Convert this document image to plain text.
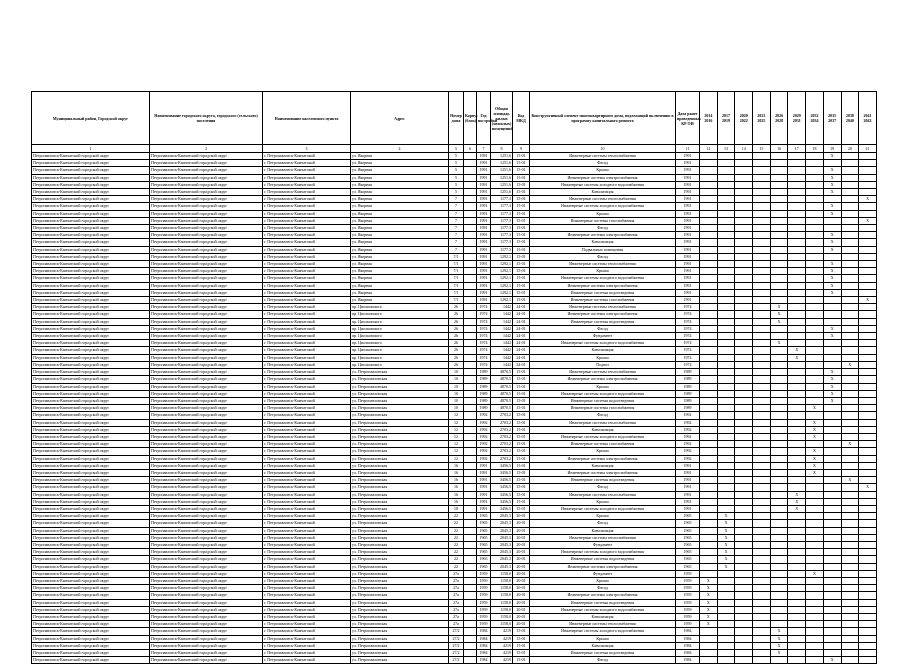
Муниципальный район, Городской округ	Наименование городского округа, городского (сельского) поселения	Наименование населенного пункта	Адрес	Номер дома	Корпус (блок)	Год постройки	Общая площадь жилых (нежилых) помещений	Код МКД	Конструктивный элемент многоквартирного дома, подлежащий включению в программу капитального ремонта	Дата ранее проведенных КР ОИ	2014 2016	2017 2019	2020 2022	2023 2025	2026 2028	2029 2031	2032 2034	2035 2037	2038 2040	2041 2043
1	2	3	4	5	6	7	8	9	10	11	12	13	14	15	16	17	18	19	20	21
Петропавловск-Камчатский городской округ	Петропавловск-Камчатский городской округ	г. Петропавловск-Камчатский	ул. Якорная	5		1991	1251,6	15-01	Инженерные системы теплоснабжения	1991								X		
Петропавловск-Камчатский городской округ	Петропавловск-Камчатский городской округ	г. Петропавловск-Камчатский	ул. Якорная	5		1991	1251,6	15-01	Фасад	1991										
Петропавловск-Камчатский городской округ	Петропавловск-Камчатский городской округ	г. Петропавловск-Камчатский	ул. Якорная	5		1991	1251,6	15-01	Крыша	1991								X		
Петропавловск-Камчатский городской округ	Петропавловск-Камчатский городской округ	г. Петропавловск-Камчатский	ул. Якорная	5		1991	1251,6	15-01	Инженерные системы электроснабжения	1991								X		
Петропавловск-Камчатский городской округ	Петропавловск-Камчатский городской округ	г. Петропавловск-Камчатский	ул. Якорная	5		1991	1251,6	15-01	Инженерные системы холодного водоснабжения	1991								X		
Петропавловск-Камчатский городской округ	Петропавловск-Камчатский городской округ	г. Петропавловск-Камчатский	ул. Якорная	5		1991	1251,6	15-01	Канализация	1991								X		
Петропавловск-Камчатский городской округ	Петропавловск-Камчатский городской округ	г. Петропавловск-Камчатский	ул. Якорная	7		1991	1177,3	15-01	Инженерные системы теплоснабжения	1991										X
Петропавловск-Камчатский городской округ	Петропавловск-Камчатский городской округ	г. Петропавловск-Камчатский	ул. Якорная	7		1991	1177,3	15-01	Инженерные системы холодного водоснабжения	1991								X		
Петропавловск-Камчатский городской округ	Петропавловск-Камчатский городской округ	г. Петропавловск-Камчатский	ул. Якорная	7		1991	1177,3	15-01	Крыша	1991								X		
Петропавловск-Камчатский городской округ	Петропавловск-Камчатский городской округ	г. Петропавловск-Камчатский	ул. Якорная	7		1991	1177,3	15-01	Инженерные системы газоснабжения	1991										X
Петропавловск-Камчатский городской округ	Петропавловск-Камчатский городской округ	г. Петропавловск-Камчатский	ул. Якорная	7		1991	1177,3	15-01	Фасад	1991										
Петропавловск-Камчатский городской округ	Петропавловск-Камчатский городской округ	г. Петропавловск-Камчатский	ул. Якорная	7		1991	1177,3	15-01	Инженерные системы электроснабжения	1991								X		
Петропавловск-Камчатский городской округ	Петропавловск-Камчатский городской округ	г. Петропавловск-Камчатский	ул. Якорная	7		1991	1177,3	15-01	Канализация	1991								X		
Петропавловск-Камчатский городской округ	Петропавловск-Камчатский городской округ	г. Петропавловск-Камчатский	ул. Якорная	7		1991	1177,3	15-01	Подвальные помещения	1991								X		
Петропавловск-Камчатский городской округ	Петропавловск-Камчатский городской округ	г. Петропавловск-Камчатский	ул. Якорная	7/1		1991	1292,1	15-01	Фасад	1991										
Петропавловск-Камчатский городской округ	Петропавловск-Камчатский городской округ	г. Петропавловск-Камчатский	ул. Якорная	7/1		1991	1292,1	15-01	Инженерные системы теплоснабжения	1991								X		
Петропавловск-Камчатский городской округ	Петропавловск-Камчатский городской округ	г. Петропавловск-Камчатский	ул. Якорная	7/1		1991	1292,1	15-01	Крыша	1991								X		
Петропавловск-Камчатский городской округ	Петропавловск-Камчатский городской округ	г. Петропавловск-Камчатский	ул. Якорная	7/1		1991	1292,1	15-01	Инженерные системы холодного водоснабжения	1991								X		
Петропавловск-Камчатский городской округ	Петропавловск-Камчатский городской округ	г. Петропавловск-Камчатский	ул. Якорная	7/1		1991	1292,1	15-01	Инженерные системы электроснабжения	1991								X		
Петропавловск-Камчатский городской округ	Петропавловск-Камчатский городской округ	г. Петропавловск-Камчатский	ул. Якорная	7/1		1991	1292,1	15-01	Инженерные системы водоотведения	1991								X		
Петропавловск-Камчатский городской округ	Петропавловск-Камчатский городской округ	г. Петропавловск-Камчатский	ул. Якорная	7/1		1991	1292,1	15-01	Инженерные системы газоснабжения	1991										X
Петропавловск-Камчатский городской округ	Петропавловск-Камчатский городской округ	г. Петропавловск-Камчатский	пр. Циолковского	26		1974	1442	24-01	Инженерные системы теплоснабжения	1974					X					
Петропавловск-Камчатский городской округ	Петропавловск-Камчатский городской округ	г. Петропавловск-Камчатский	пр. Циолковского	26		1974	1442	24-01	Инженерные системы электроснабжения	1974					X					
Петропавловск-Камчатский городской округ	Петропавловск-Камчатский городской округ	г. Петропавловск-Камчатский	пр. Циолковского	26		1974	1442	24-01	Инженерные системы водоотведения	1974					X					
Петропавловск-Камчатский городской округ	Петропавловск-Камчатский городской округ	г. Петропавловск-Камчатский	пр. Циолковского	26		1974	1442	24-01	Фасад	1974								X		
Петропавловск-Камчатский городской округ	Петропавловск-Камчатский городской округ	г. Петропавловск-Камчатский	пр. Циолковского	26		1974	1442	24-01	Фундамент	1974								X		
Петропавловск-Камчатский городской округ	Петропавловск-Камчатский городской округ	г. Петропавловск-Камчатский	пр. Циолковского	26		1974	1442	24-01	Инженерные системы холодного водоснабжения	1974					X					
Петропавловск-Камчатский городской округ	Петропавловск-Камчатский городской округ	г. Петропавловск-Камчатский	пр. Циолковского	26		1974	1442	24-01	Канализация	1974						X				
Петропавловск-Камчатский городской округ	Петропавловск-Камчатский городской округ	г. Петропавловск-Камчатский	пр. Циолковского	26		1974	1442	24-01	Крыша	1974						X				
Петропавловск-Камчатский городской округ	Петропавловск-Камчатский городской округ	г. Петропавловск-Камчатский	пр. Циолковского	26		1974	1442	24-01	Подвал	1974									X	
Петропавловск-Камчатский городской округ	Петропавловск-Камчатский городской округ	г. Петропавловск-Камчатский	ул. Петропавловская	10		1989	4870,5	15-01	Инженерные системы теплоснабжения	1989								X		
Петропавловск-Камчатский городской округ	Петропавловск-Камчатский городской округ	г. Петропавловск-Камчатский	ул. Петропавловская	10		1989	4870,5	15-01	Инженерные системы электроснабжения	1989								X		
Петропавловск-Камчатский городской округ	Петропавловск-Камчатский городской округ	г. Петропавловск-Камчатский	ул. Петропавловская	10		1989	4870,5	15-01	Крыша	1989								X		
Петропавловск-Камчатский городской округ	Петропавловск-Камчатский городской округ	г. Петропавловск-Камчатский	ул. Петропавловская	10		1989	4870,5	15-01	Инженерные системы холодного водоснабжения	1989								X		
Петропавловск-Камчатский городской округ	Петропавловск-Камчатский городской округ	г. Петропавловск-Камчатский	ул. Петропавловская	10		1989	4870,5	15-01	Инженерные системы водоотведения	1989								X		
Петропавловск-Камчатский городской округ	Петропавловск-Камчатский городской округ	г. Петропавловск-Камчатский	ул. Петропавловская	10		1989	4870,5	15-01	Инженерные системы газоснабжения	1989							X			
Петропавловск-Камчатский городской округ	Петропавловск-Камчатский городской округ	г. Петропавловск-Камчатский	ул. Петропавловская	12		1992	2703,2	15-01	Фасад	1992										
Петропавловск-Камчатский городской округ	Петропавловск-Камчатский городской округ	г. Петропавловск-Камчатский	ул. Петропавловская	12		1992	2703,2	15-01	Инженерные системы теплоснабжения	1992							X			
Петропавловск-Камчатский городской округ	Петропавловск-Камчатский городской округ	г. Петропавловск-Камчатский	ул. Петропавловская	12		1992	2703,2	15-01	Канализация	1992							X			
Петропавловск-Камчатский городской округ	Петропавловск-Камчатский городской округ	г. Петропавловск-Камчатский	ул. Петропавловская	12		1992	2703,2	15-01	Инженерные системы холодного водоснабжения	1992							X			
Петропавловск-Камчатский городской округ	Петропавловск-Камчатский городской округ	г. Петропавловск-Камчатский	ул. Петропавловская	12		1992	2703,2	15-01	Инженерные системы газоснабжения	1992									X	
Петропавловск-Камчатский городской округ	Петропавловск-Камчатский городской округ	г. Петропавловск-Камчатский	ул. Петропавловская	12		1992	2703,2	15-01	Крыша	1992							X			
Петропавловск-Камчатский городской округ	Петропавловск-Камчатский городской округ	г. Петропавловск-Камчатский	ул. Петропавловская	12		1992	2703,2	15-01	Инженерные системы электроснабжения	1992							X			
Петропавловск-Камчатский городской округ	Петропавловск-Камчатский городской округ	г. Петропавловск-Камчатский	ул. Петропавловская	16		1991	3456,5	15-01	Канализация	1991							X			
Петропавловск-Камчатский городской округ	Петропавловск-Камчатский городской округ	г. Петропавловск-Камчатский	ул. Петропавловская	16		1991	3456,5	15-01	Инженерные системы электроснабжения	1991							X			
Петропавловск-Камчатский городской округ	Петропавловск-Камчатский городской округ	г. Петропавловск-Камчатский	ул. Петропавловская	16		1991	3456,5	15-01	Инженерные системы водоотведения	1991									X	
Петропавловск-Камчатский городской округ	Петропавловск-Камчатский городской округ	г. Петропавловск-Камчатский	ул. Петропавловская	16		1991	3456,5	15-01	Фасад	1991										X
Петропавловск-Камчатский городской округ	Петропавловск-Камчатский городской округ	г. Петропавловск-Камчатский	ул. Петропавловская	16		1991	3456,5	15-01	Инженерные системы теплоснабжения	1991						X				
Петропавловск-Камчатский городской округ	Петропавловск-Камчатский городской округ	г. Петропавловск-Камчатский	ул. Петропавловская	16		1991	3456,5	15-01	Крыша	1991						X				
Петропавловск-Камчатский городской округ	Петропавловск-Камчатский городской округ	г. Петропавловск-Камчатский	ул. Петропавловская	18		1991	3456,5	15-01	Инженерные системы холодного водоснабжения	1991						X				
Петропавловск-Камчатский городской округ	Петропавловск-Камчатский городской округ	г. Петропавловск-Камчатский	ул. Петропавловская	22		1965	2045,3	20-01	Крыша	1965		X								
Петропавловск-Камчатский городской округ	Петропавловск-Камчатский городской округ	г. Петропавловск-Камчатский	ул. Петропавловская	22		1965	2045,3	20-01	Фасад	1965		X								
Петропавловск-Камчатский городской округ	Петропавловск-Камчатский городской округ	г. Петропавловск-Камчатский	ул. Петропавловская	22		1965	2045,3	20-01	Канализация	1965		X								
Петропавловск-Камчатский городской округ	Петропавловск-Камчатский городской округ	г. Петропавловск-Камчатский	ул. Петропавловская	22		1965	2045,3	20-01	Инженерные системы теплоснабжения	1965		X								
Петропавловск-Камчатский городской округ	Петропавловск-Камчатский городской округ	г. Петропавловск-Камчатский	ул. Петропавловская	22		1965	2045,3	20-01	Фундамент	1965		X								
Петропавловск-Камчатский городской округ	Петропавловск-Камчатский городской округ	г. Петропавловск-Камчатский	ул. Петропавловская	22		1965	2045,3	20-01	Инженерные системы холодного водоснабжения	1965		X								
Петропавловск-Камчатский городской округ	Петропавловск-Камчатский городской округ	г. Петропавловск-Камчатский	ул. Петропавловская	22		1965	2045,3	20-01	Инженерные системы водоотведения	1965		X								
Петропавловск-Камчатский городской округ	Петропавловск-Камчатский городской округ	г. Петропавловск-Камчатский	ул. Петропавловская	22		1965	2045,3	20-01	Инженерные системы электроснабжения	1965		X								
Петропавловск-Камчатский городской округ	Петропавловск-Камчатский городской округ	г. Петропавловск-Камчатский	ул. Петропавловская	27а		1959	1158,0	20-01	Фундамент	1959							X			
Петропавловск-Камчатский городской округ	Петропавловск-Камчатский городской округ	г. Петропавловск-Камчатский	ул. Петропавловская	27а		1959	1158,0	20-01	Крыша	1959	X									
Петропавловск-Камчатский городской округ	Петропавловск-Камчатский городской округ	г. Петропавловск-Камчатский	ул. Петропавловская	27а		1959	1158,0	20-01	Фасад	1959	X									
Петропавловск-Камчатский городской округ	Петропавловск-Камчатский городской округ	г. Петропавловск-Камчатский	ул. Петропавловская	27а		1959	1158,0	20-01	Инженерные системы электроснабжения	1959	X									
Петропавловск-Камчатский городской округ	Петропавловск-Камчатский городской округ	г. Петропавловск-Камчатский	ул. Петропавловская	27а		1959	1158,0	20-01	Инженерные системы водоотведения	1959	X									
Петропавловск-Камчатский городской округ	Петропавловск-Камчатский городской округ	г. Петропавловск-Камчатский	ул. Петропавловская	27а		1959	1158,0	20-01	Инженерные системы холодного водоснабжения	1959	X									
Петропавловск-Камчатский городской округ	Петропавловск-Камчатский городской округ	г. Петропавловск-Камчатский	ул. Петропавловская	27а		1959	1158,0	20-01	Канализация	1959	X									
Петропавловск-Камчатский городской округ	Петропавловск-Камчатский городской округ	г. Петропавловск-Камчатский	ул. Петропавловская	27а		1959	1158,0	20-01	Инженерные системы теплоснабжения	1959	X									
Петропавловск-Камчатский городской округ	Петропавловск-Камчатский городской округ	г. Петропавловск-Камчатский	ул. Петропавловская	27/2		1984	4219	15-01	Инженерные системы холодного водоснабжения	1984					X					
Петропавловск-Камчатский городской округ	Петропавловск-Камчатский городской округ	г. Петропавловск-Камчатский	ул. Петропавловская	27/2		1984	4219	15-01	Крыша	1984					X					
Петропавловск-Камчатский городской округ	Петропавловск-Камчатский городской округ	г. Петропавловск-Камчатский	ул. Петропавловская	27/2		1984	4219	15-01	Канализация	1984					X					
Петропавловск-Камчатский городской округ	Петропавловск-Камчатский городской округ	г. Петропавловск-Камчатский	ул. Петропавловская	27/2		1984	4219	15-01	Инженерные системы водоотведения	1984					X					
Петропавловск-Камчатский городской округ	Петропавловск-Камчатский городской округ	г. Петропавловск-Камчатский	ул. Петропавловская	27/2		1984	4219	15-01	Фасад	1984								X		
